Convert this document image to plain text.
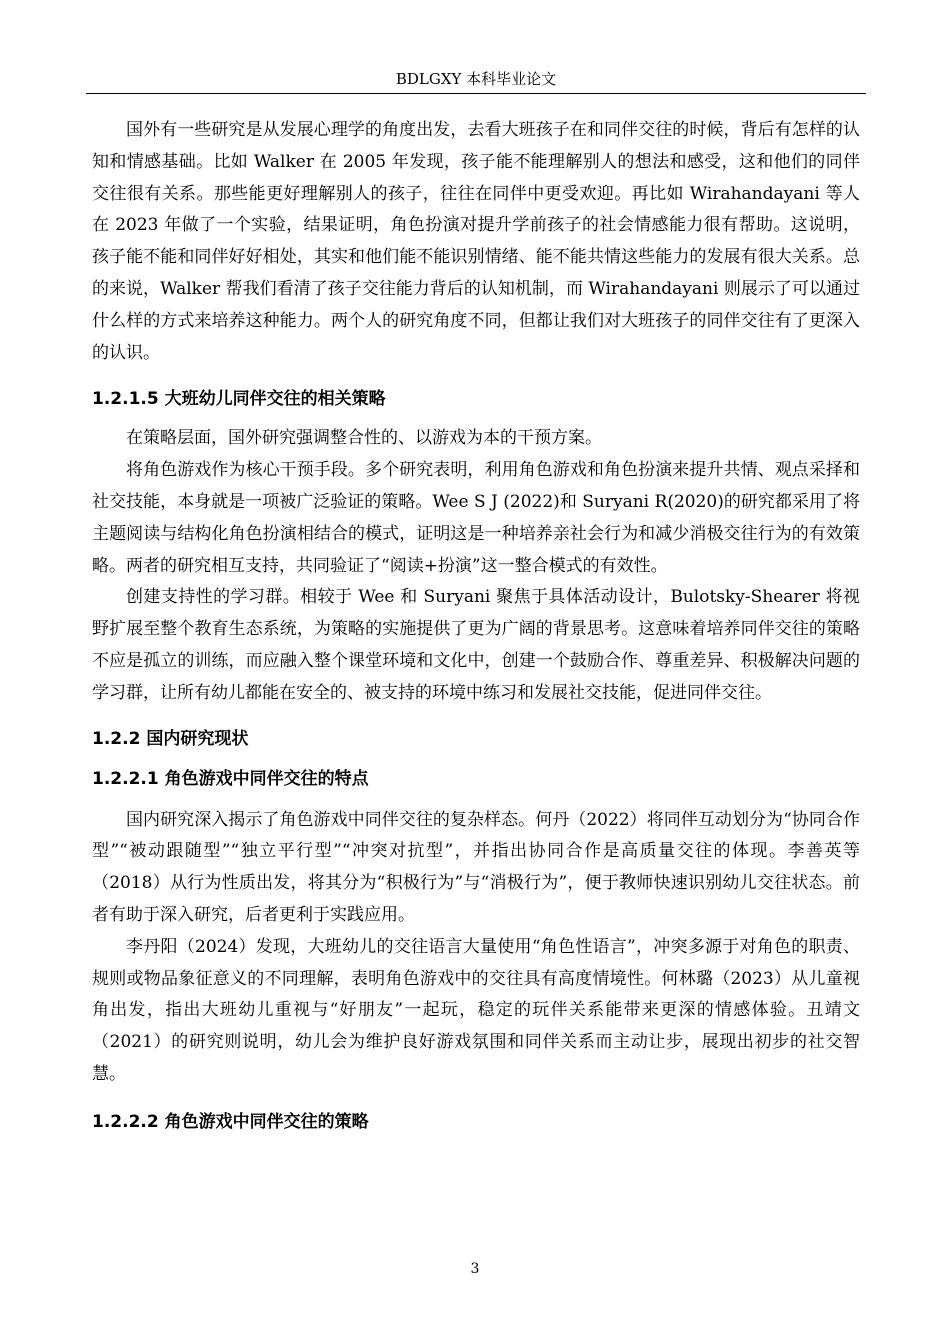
BDLGXY 本科毕业论文

国外有一些研究是从发展心理学的角度出发，去看大班孩子在和同伴交往的时候，背后有怎样的认知和情感基础。比如 Walker 在 2005 年发现，孩子能不能理解别人的想法和感受，这和他们的同伴交往很有关系。那些能更好理解别人的孩子，往往在同伴中更受欢迎。再比如 Wirahandayani 等人在 2023 年做了一个实验，结果证明，角色扮演对提升学前孩子的社会情感能力很有帮助。这说明，孩子能不能和同伴好好相处，其实和他们能不能识别情绪、能不能共情这些能力的发展有很大关系。总的来说，Walker 帮我们看清了孩子交往能力背后的认知机制，而 Wirahandayani 则展示了可以通过什么样的方式来培养这种能力。两个人的研究角度不同，但都让我们对大班孩子的同伴交往有了更深入的认识。

1.2.1.5 大班幼儿同伴交往的相关策略

在策略层面，国外研究强调整合性的、以游戏为本的干预方案。

将角色游戏作为核心干预手段。多个研究表明，利用角色游戏和角色扮演来提升共情、观点采择和社交技能，本身就是一项被广泛验证的策略。Wee S J (2022)和 Suryani R(2020)的研究都采用了将主题阅读与结构化角色扮演相结合的模式，证明这是一种培养亲社会行为和减少消极交往行为的有效策略。两者的研究相互支持，共同验证了“阅读+扮演”这一整合模式的有效性。

创建支持性的学习群。相较于 Wee 和 Suryani 聚焦于具体活动设计，Bulotsky-Shearer 将视野扩展至整个教育生态系统，为策略的实施提供了更为广阔的背景思考。这意味着培养同伴交往的策略不应是孤立的训练，而应融入整个课堂环境和文化中，创建一个鼓励合作、尊重差异、积极解决问题的学习群，让所有幼儿都能在安全的、被支持的环境中练习和发展社交技能，促进同伴交往。

1.2.2 国内研究现状
1.2.2.1 角色游戏中同伴交往的特点

国内研究深入揭示了角色游戏中同伴交往的复杂样态。何丹（2022）将同伴互动划分为“协同合作型”“被动跟随型”“独立平行型”“冲突对抗型”，并指出协同合作是高质量交往的体现。李善英等（2018）从行为性质出发，将其分为“积极行为”与“消极行为”，便于教师快速识别幼儿交往状态。前者有助于深入研究，后者更利于实践应用。

李丹阳（2024）发现，大班幼儿的交往语言大量使用“角色性语言”，冲突多源于对角色的职责、规则或物品象征意义的不同理解，表明角色游戏中的交往具有高度情境性。何林璐（2023）从儿童视角出发，指出大班幼儿重视与“好朋友”一起玩，稳定的玩伴关系能带来更深的情感体验。丑靖文（2021）的研究则说明，幼儿会为维护良好游戏氛围和同伴关系而主动让步，展现出初步的社交智慧。

1.2.2.2 角色游戏中同伴交往的策略
3
